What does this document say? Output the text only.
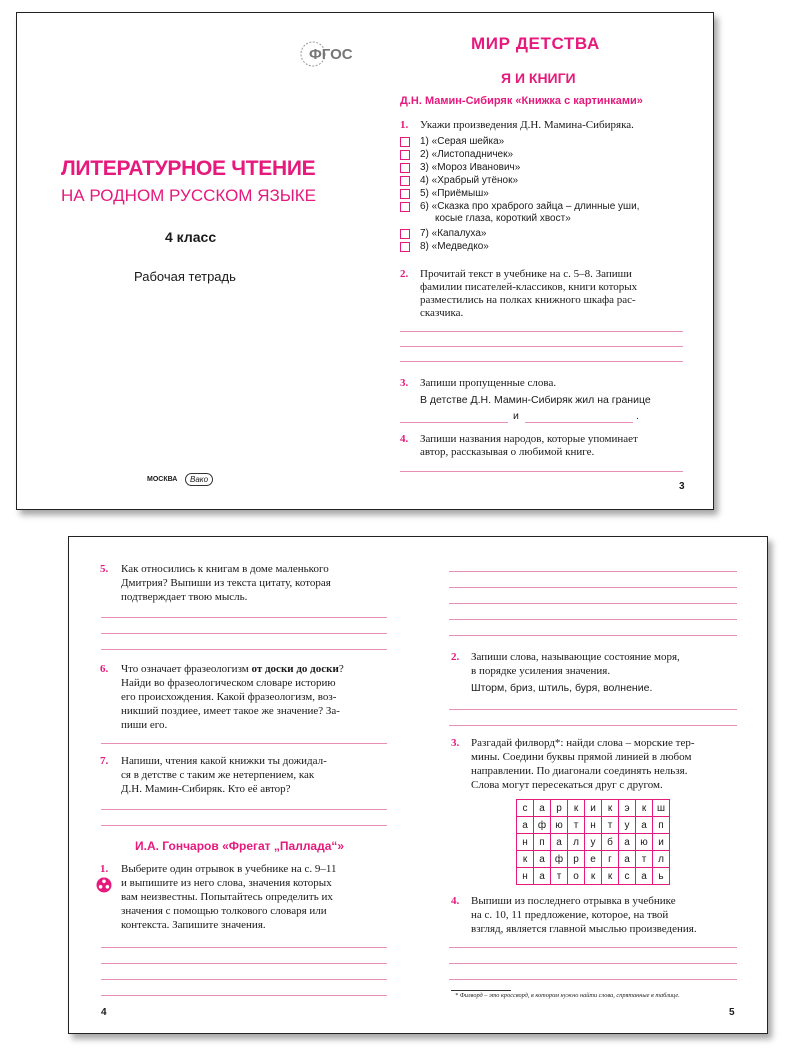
ФГОС
ЛИТЕРАТУРНОЕ ЧТЕНИЕ
НА РОДНОМ РУССКОМ ЯЗЫКЕ
4 класс
Рабочая тетрадь
МОСКВА	Вако
МИР ДЕТСТВА
Я И КНИГИ
Д.Н. Мамин-Сибиряк «Книжка с картинками»
1. Укажи произведения Д.Н. Мамина-Сибиряка.
1) «Серая шейка»
2) «Листопадничек»
3) «Мороз Иванович»
4) «Храбрый утёнок»
5) «Приёмыш»
6) «Сказка про храброго зайца – длинные уши,
косые глаза, короткий хвост»
7) «Капалуха»
8) «Медведко»
2. Прочитай текст в учебнике на с. 5–8. Запиши
фамилии писателей-классиков, книги которых
разместились на полках книжного шкафа рас-
сказчика.
3. Запиши пропущенные слова.
В детстве Д.Н. Мамин-Сибиряк жил на границе
и	.
4. Запиши названия народов, которые упоминает
автор, рассказывая о любимой книге.
3
5. Как относились к книгам в доме маленького
Дмитрия? Выпиши из текста цитату, которая
подтверждает твою мысль.
6. Что означает фразеологизм от доски до доски?
Найди во фразеологическом словаре историю
его происхождения. Какой фразеологизм, воз-
никший поздиее, имеет такое же значение? За-
пиши его.
7. Напиши, чтения какой книжки ты дожидал-
ся в детстве с таким же нетерпением, как
Д.Н. Мамин-Сибиряк. Кто её автор?
И.А. Гончаров «Фрегат „Паллада“»
1. Выберите один отрывок в учебнике на с. 9–11
и выпишите из него слова, значения которых
вам неизвестны. Попытайтесь определить их
значения с помощью толкового словаря или
контекста. Запишите значения.
4
2. Запиши слова, называющие состояние моря,
в порядке усиления значения.
Шторм, бриз, штиль, буря, волнение.
3. Разгадай филворд*: найди слова – морские тер-
мины. Соедини буквы прямой линией в любом
направлении. По диагонали соединять нельзя.
Слова могут пересекаться друг с другом.
с	а	р	к	и	к	э	к	ш
а	ф	ю	т	н	т	у	а	п
н	п	а	л	у	б	а	ю	и
к	а	ф	р	е	г	а	т	л
н	а	т	о	к	к	с	а	ь
4. Выпиши из последнего отрывка в учебнике
на с. 10, 11 предложение, которое, на твой
взгляд, является главной мыслью произведения.
* Филворд – это кроссворд, в котором нужно найти слова, спрятанные в таблице.
5
